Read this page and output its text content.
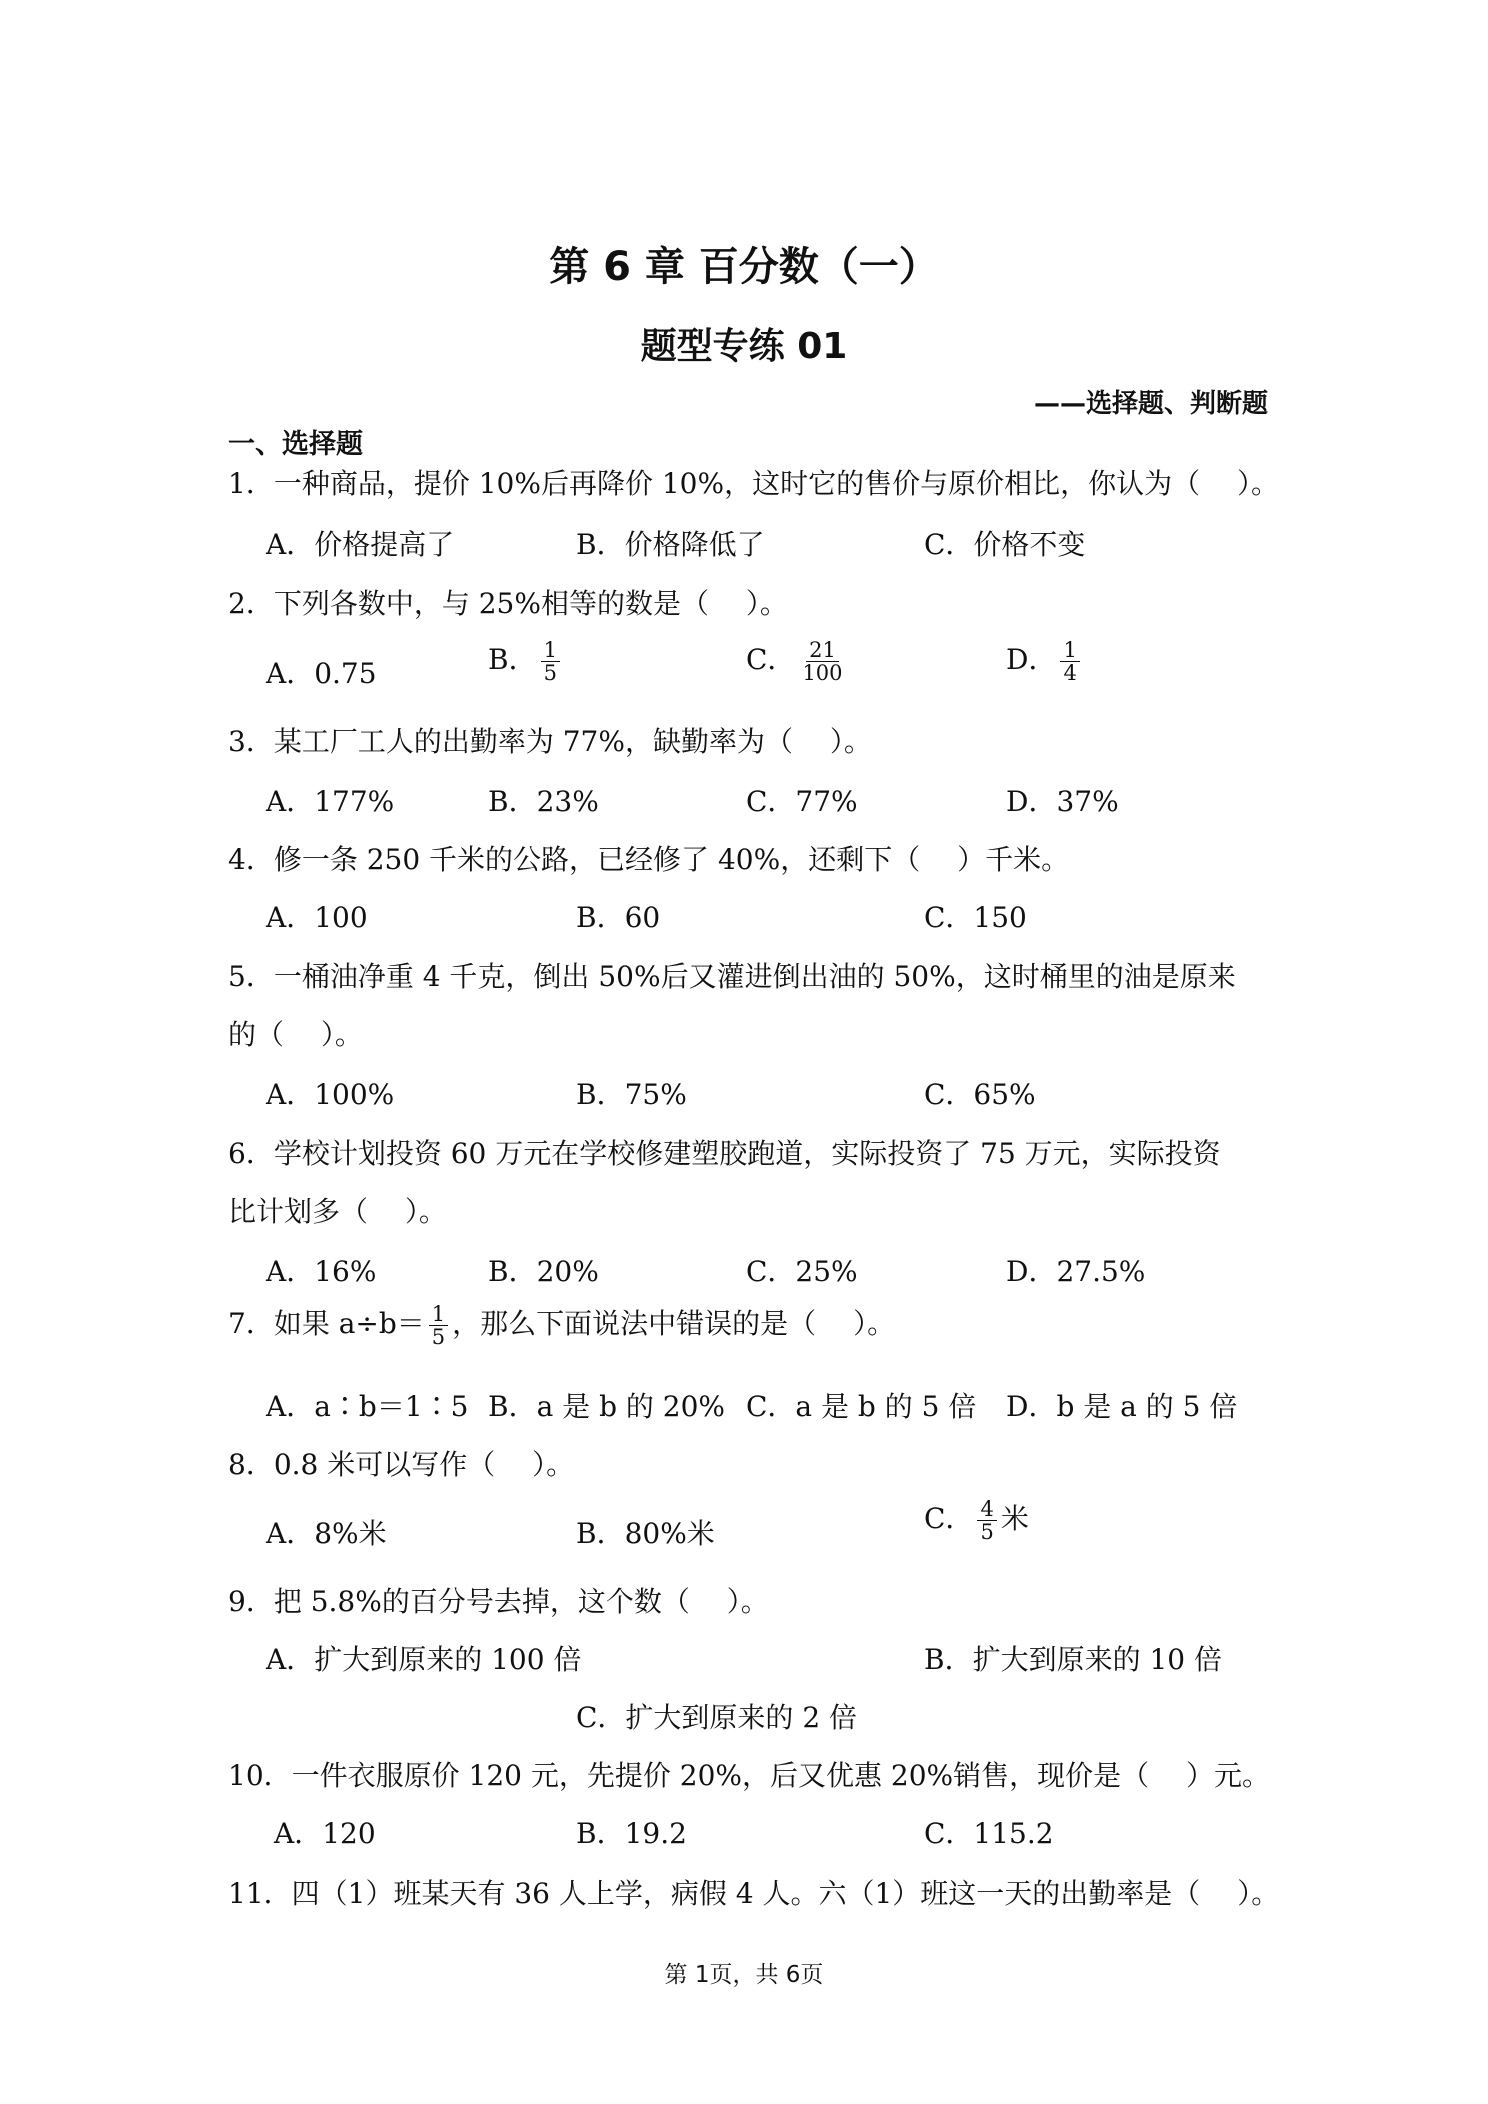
第 6 章 百分数（一）
题型专练 01
——选择题、判断题
一、选择题
1．一种商品，提价 10%后再降价 10%，这时它的售价与原价相比，你认为（　 ）。
A．价格提高了	B．价格降低了	C．价格不变
2．下列各数中，与 25%相等的数是（　 ）。
A．0.75	B． $\frac{1}{5}$	C． $\frac{21}{100}$	D． $\frac{1}{4}$
3．某工厂工人的出勤率为 77%，缺勤率为（　 ）。
A．177%	B．23%	C．77%	D．37%
4．修一条 250 千米的公路，已经修了 40%，还剩下（　 ）千米。
A．100	B．60	C．150
5．一桶油净重 4 千克，倒出 50%后又灌进倒出油的 50%，这时桶里的油是原来
的（　 ）。
A．100%	B．75%	C．65%
6．学校计划投资 60 万元在学校修建塑胶跑道，实际投资了 75 万元，实际投资
比计划多（　 ）。
A．16%	B．20%	C．25%	D．27.5%
7．如果 $a\div b= \frac{1}{5}$ ，那么下面说法中错误的是（　 ）。
A．a∶b＝1∶5 B．a 是 b 的 20% C．a 是 b 的 5 倍 D．b 是 a 的 5 倍
8．0.8 米可以写作（　 ）。
A．8%米	B．80%米	C． $\frac{4}{5}$ 米
9．把 5.8%的百分号去掉，这个数（　 ）。
A．扩大到原来的 100 倍	B．扩大到原来的 10 倍
C．扩大到原来的 2 倍
10．一件衣服原价 120 元，先提价 20%，后又优惠 20%销售，现价是（　 ）元。
A．120	B．19.2	C．115.2
11．四（1）班某天有 36 人上学，病假 4 人。六（1）班这一天的出勤率是（　 ）。
第 1页，共 6页
